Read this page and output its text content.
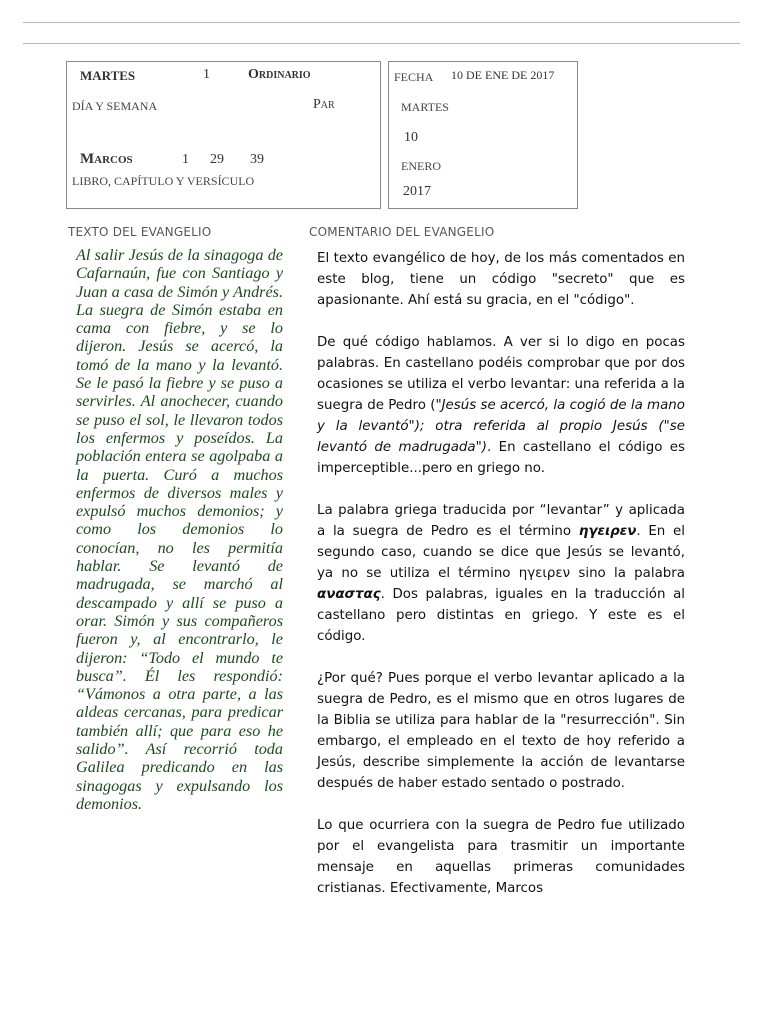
MARTES	1	Ordinario
DÍA Y SEMANA	Par
Marcos	1 29 39
LIBRO, CAPÍTULO Y VERSÍCULO
FECHA 10 DE ENE DE 2017
MARTES
10
ENERO
2017
TEXTO DEL EVANGELIO	COMENTARIO DEL EVANGELIO
Al salir Jesús de la sinagoga de Cafarnaún, fue con Santiago y Juan a casa de Simón y Andrés. La suegra de Simón estaba en cama con fiebre, y se lo dijeron. Jesús se acercó, la tomó de la mano y la levantó. Se le pasó la fiebre y se puso a servirles. Al anochecer, cuando se puso el sol, le llevaron todos los enfermos y poseídos. La población entera se agolpaba a la puerta. Curó a muchos enfermos de diversos males y expulsó muchos demonios; y como los demonios lo conocían, no les permitía hablar. Se levantó de madrugada, se marchó al descampado y allí se puso a orar. Simón y sus compañeros fueron y, al encontrarlo, le dijeron: “Todo el mundo te busca”. Él les respondió: “Vámonos a otra parte, a las aldeas cercanas, para predicar también allí; que para eso he salido”. Así recorrió toda Galilea predicando en las sinagogas y expulsando los demonios.

El texto evangélico de hoy, de los más comentados en este blog, tiene un código "secreto" que es apasionante. Ahí está su gracia, en el "código".

De qué código hablamos. A ver si lo digo en pocas palabras. En castellano podéis comprobar que por dos ocasiones se utiliza el verbo levantar: una referida a la suegra de Pedro ("Jesús se acercó, la cogió de la mano y la levantó"); otra referida al propio Jesús ("se levantó de madrugada"). En castellano el código es imperceptible...pero en griego no.

La palabra griega traducida por “levantar” y aplicada a la suegra de Pedro es el término ηγειρεν. En el segundo caso, cuando se dice que Jesús se levantó, ya no se utiliza el término ηγειρεν sino la palabra αναστας. Dos palabras, iguales en la traducción al castellano pero distintas en griego. Y este es el código.

¿Por qué? Pues porque el verbo levantar aplicado a la suegra de Pedro, es el mismo que en otros lugares de la Biblia se utiliza para hablar de la "resurrección". Sin embargo, el empleado en el texto de hoy referido a Jesús, describe simplemente la acción de levantarse después de haber estado sentado o postrado.

Lo que ocurriera con la suegra de Pedro fue utilizado por el evangelista para trasmitir un importante mensaje en aquellas primeras comunidades cristianas. Efectivamente, Marcos
